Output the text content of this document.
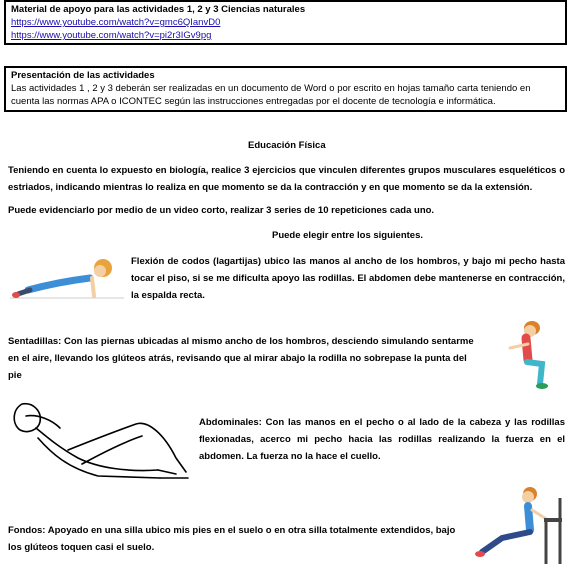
Material de apoyo para las actividades 1, 2 y 3 Ciencias naturales
https://www.youtube.com/watch?v=gmc6QIanvD0
https://www.youtube.com/watch?v=pi2r3IGv9pg
Presentación de las actividades
Las actividades 1 , 2 y 3 deberán ser realizadas en un documento de Word o por escrito en hojas tamaño carta teniendo en cuenta las normas APA o ICONTEC según las instrucciones entregadas por el docente de tecnología e informática.
Educación Física
Teniendo en cuenta lo expuesto en biología, realice 3 ejercicios que vinculen diferentes grupos musculares esqueléticos o estriados, indicando mientras lo realiza en que momento se da la contracción y en que momento se da la extensión.
Puede evidenciarlo por medio de un video corto, realizar 3 series de 10 repeticiones cada uno.
Puede elegir entre los siguientes.
Flexión de codos (lagartijas) ubico las manos al ancho de los hombros, y bajo mi pecho hasta tocar el piso, si se me dificulta apoyo las rodillas. El abdomen debe mantenerse en contracción, la espalda recta.
Sentadillas: Con las piernas ubicadas al mismo ancho de los hombros, desciendo simulando sentarme en el aire, llevando los glúteos atrás, revisando que al mirar abajo la rodilla no sobrepase la punta del pie
Abdominales: Con las manos en el pecho o al lado de la cabeza y las rodillas flexionadas, acerco mi pecho hacia las rodillas realizando la fuerza en el abdomen. La fuerza no la hace el cuello.
Fondos: Apoyado en una silla ubico mis pies en el suelo o en otra silla totalmente extendidos, bajo los glúteos toquen casi el suelo.
